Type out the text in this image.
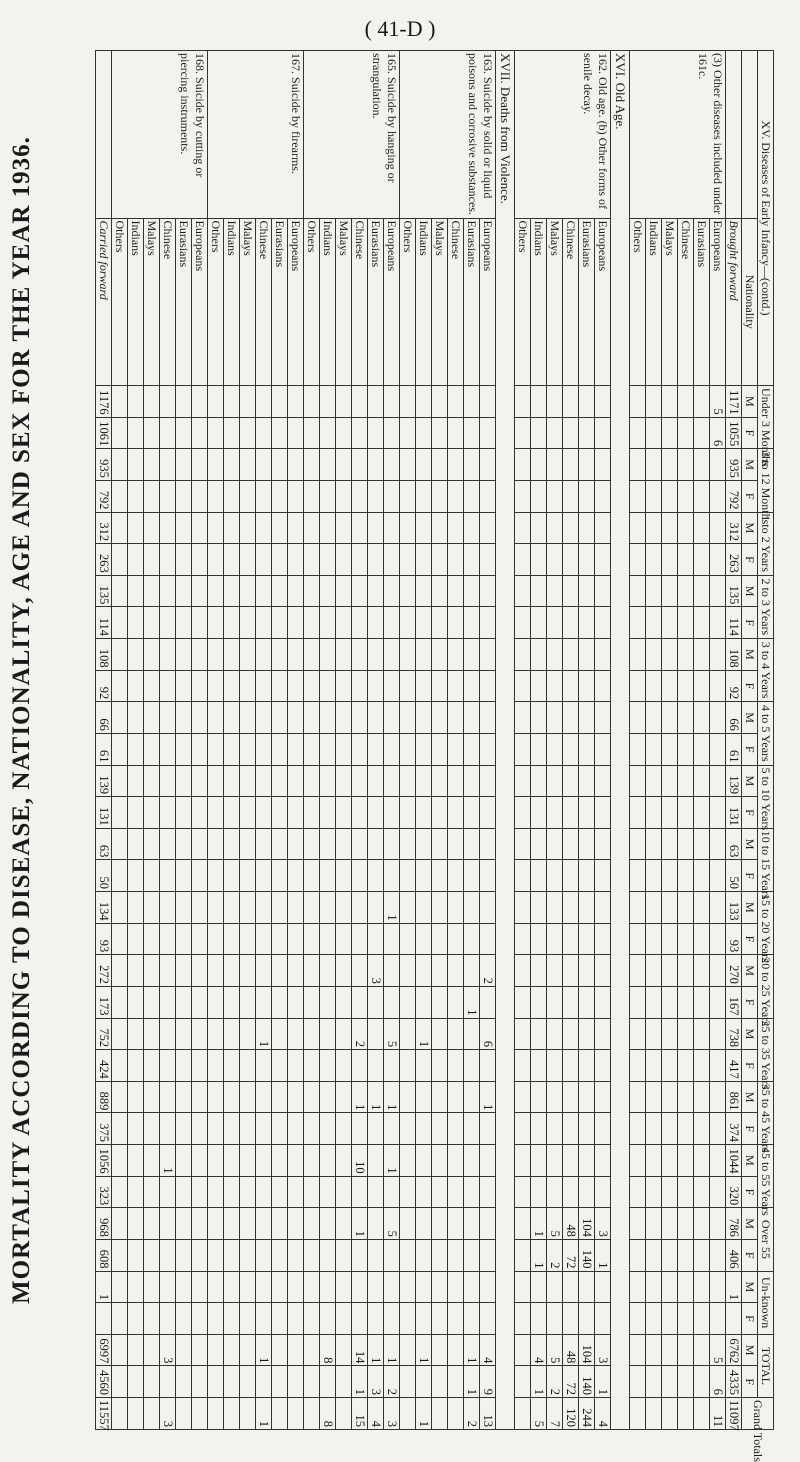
( 41-D )
MORTALITY ACCORDING TO DISEASE, NATIONALITY, AGE AND SEX FOR THE YEAR 1936.	XV. Diseases of Early Infancy—(contd.)		Under 3 Months		3 to 12 Months		1 to 2 Years		2 to 3 Years		3 to 4 Years		4 to 5 Years		5 to 10 Years		10 to 15 Years		15 to 20 Years		20 to 25 Years		25 to 35 Years		35 to 45 Years		45 to 55 Years		Over 55		Un-known		TOTAL		Grand Totals
	Nationality	M	F	M	F	M	F	M	F	M	F	M	F	M	F	M	F	M	F	M	F	M	F	M	F	M	F	M	F	M	F	M	F	
	Brought forward	1171	1055	935	792	312	263	135	114	108	92	66	61	139	131	63	50	133	93	270	167	738	417	861	374	1044	320	786	406	1		6762	4335	11097
(3) Other diseases included under 161c.	Europeans	5	6																													5	6	11
	Eurasians																																	
	Chinese																																	
	Malays																																	
	Indians																																	
	Others																																	
XVI. Old Age.																																		
162. Old age. (b) Other forms of senile decay.	Europeans																											3	1			3	1	4
	Eurasians																											104	140			104	140	244
	Chinese																											48	72			48	72	120
	Malays																											5	2			5	2	7
	Indians																											1	1			4	1	5
	Others																																	
XVII. Deaths from Violence.																																		
163. Suicide by solid or liquid poisons and corrosive substances.	Europeans																			2		6		1								4	9	13
	Eurasians																				1											1	1	2
	Chinese																																	
	Malays																																	
	Indians																					1										1		1
	Others																																	
165. Suicide by hanging or strangulation.	Europeans																	1				5		1		1		5				1	2	3
	Eurasians																			3				1								1	3	4
	Chinese																					2		1		10		1				14	1	15
	Malays																																	
	Indians																															8		8
	Others																																	
167. Suicide by firearms.	Europeans																																	
	Eurasians																																	
	Chinese																					1										1		1
	Malays																																	
	Indians																																	
	Others																																	
168. Suicide by cutting or piercing instruments.	Europeans																																	
	Eurasians																																	
	Chinese																									1						3		3
	Malays																																	
	Indians																																	
	Others																																	
	Carried forward	1176	1061	935	792	312	263	135	114	108	92	66	61	139	131	63	50	134	93	272	173	752	424	889	375	1056	323	968	608	1		6997	4560	11557
